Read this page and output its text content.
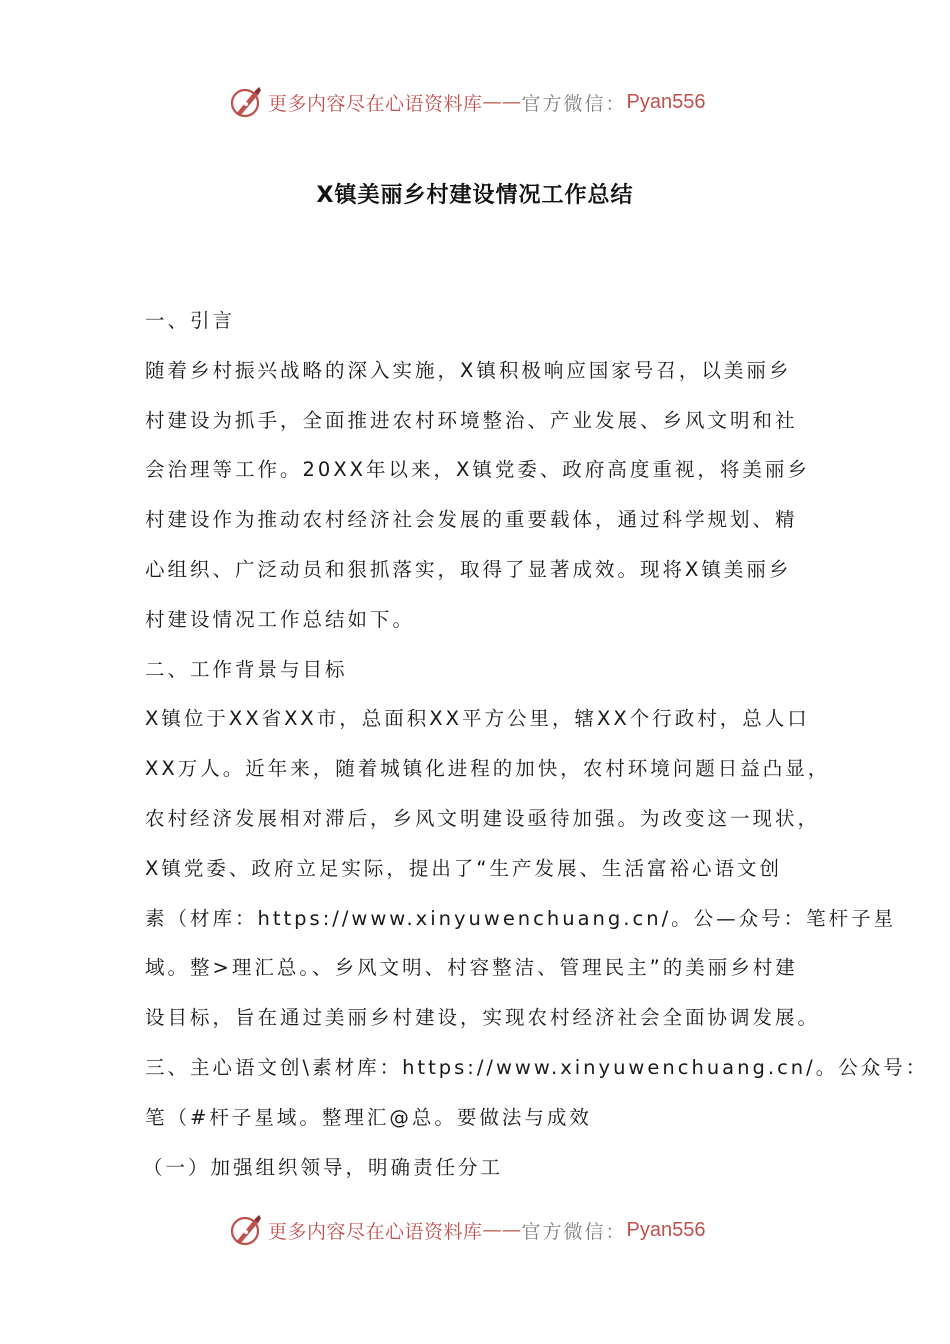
更多内容尽在心语资料库 —— 官方微信： Pyan556
X镇美丽乡村建设情况工作总结
一、引言
随着乡村振兴战略的深入实施，X镇积极响应国家号召，以美丽乡
村建设为抓手，全面推进农村环境整治、产业发展、乡风文明和社
会治理等工作。20XX年以来，X镇党委、政府高度重视，将美丽乡
村建设作为推动农村经济社会发展的重要载体，通过科学规划、精
心组织、广泛动员和狠抓落实，取得了显著成效。现将X镇美丽乡
村建设情况工作总结如下。
二、工作背景与目标
X镇位于XX省XX市，总面积XX平方公里，辖XX个行政村，总人口
XX万人。近年来，随着城镇化进程的加快，农村环境问题日益凸显，
农村经济发展相对滞后，乡风文明建设亟待加强。为改变这一现状，
X镇党委、政府立足实际，提出了“生产发展、生活富裕心语文创
素（材库：https://www.xinyuwenchuang.cn/。公—众号：笔杆子星
域。整>理汇总。、乡风文明、村容整洁、管理民主”的美丽乡村建
设目标，旨在通过美丽乡村建设，实现农村经济社会全面协调发展。
三、主心语文创\素材库：https://www.xinyuwenchuang.cn/。公众号：
笔（#杆子星域。整理汇@总。要做法与成效
（一）加强组织领导，明确责任分工
更多内容尽在心语资料库 —— 官方微信： Pyan556
